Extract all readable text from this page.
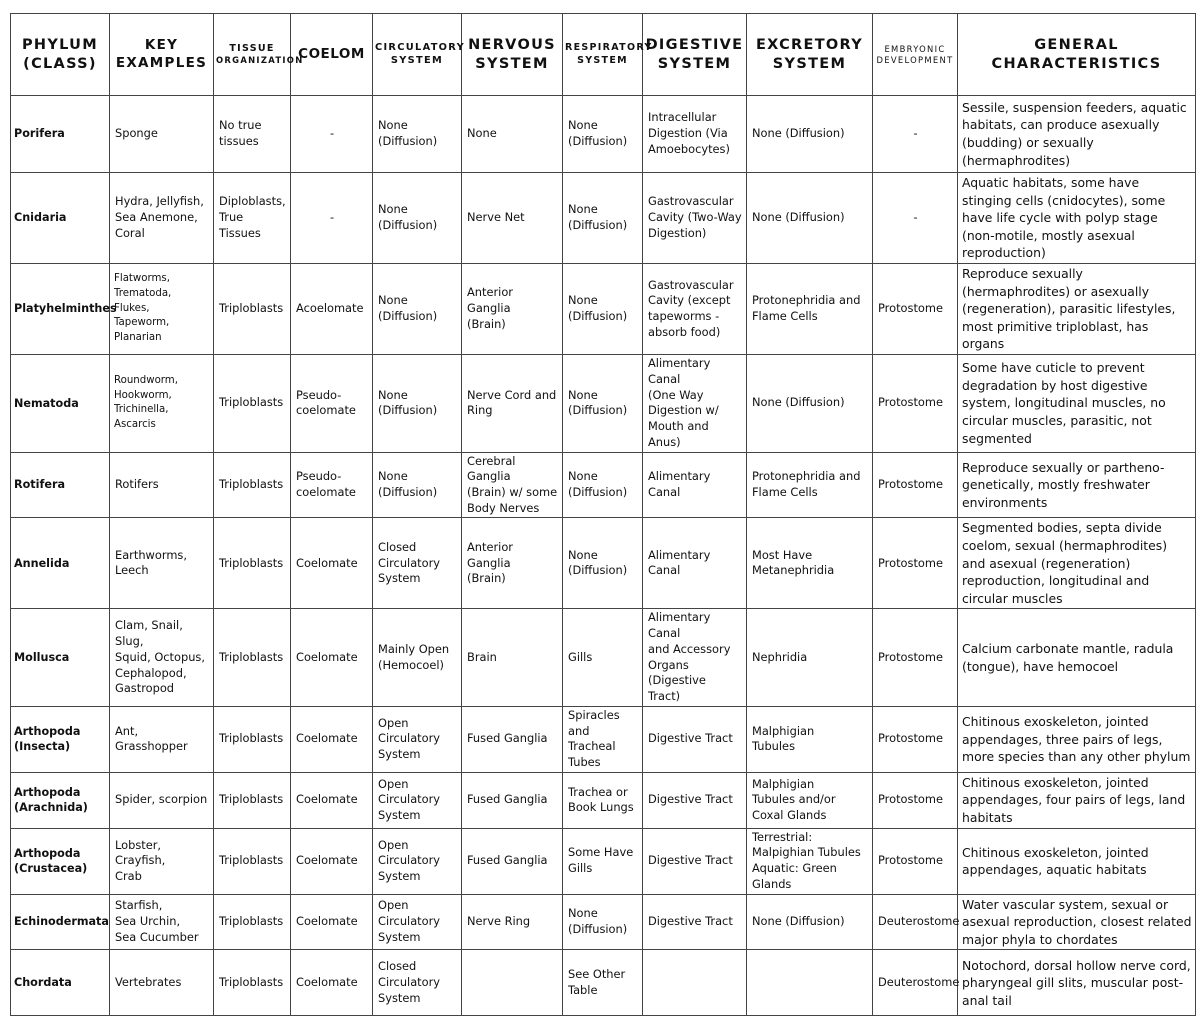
PHYLUM
(CLASS)	KEY
EXAMPLES	TISSUE
ORGANIZATION	COELOM	CIRCULATORY
SYSTEM	NERVOUS
SYSTEM	RESPIRATORY
SYSTEM	DIGESTIVE
SYSTEM	EXCRETORY
SYSTEM	EMBRYONIC
DEVELOPMENT	GENERAL
CHARACTERISTICS

Porifera	Sponge	No true
tissues	-	None
(Diffusion)	None	None
(Diffusion)	Intracellular
Digestion (Via
Amoebocytes)	None (Diffusion)	-	Sessile, suspension feeders, aquatic habitats, can produce asexually (budding) or sexually (hermaphrodites)

Cnidaria	Hydra, Jellyfish,
Sea Anemone,
Coral	Diploblasts,
True Tissues	-	None
(Diffusion)	Nerve Net	None
(Diffusion)	Gastrovascular
Cavity (Two-Way
Digestion)	None (Diffusion)	-	Aquatic habitats, some have stinging cells (cnidocytes), some have life cycle with polyp stage (non-motile, mostly asexual reproduction)

Platyhelminthes	Flatworms,
Trematoda,
Flukes,
Tapeworm,
Planarian	Triploblasts	Acoelomate	None
(Diffusion)	Anterior Ganglia
(Brain)	None
(Diffusion)	Gastrovascular
Cavity (except
tapeworms -
absorb food)	Protonephridia and
Flame Cells	Protostome	Reproduce sexually (hermaphrodites) or asexually (regeneration), parasitic lifestyles, most primitive triploblast, has organs

Nematoda	Roundworm,
Hookworm,
Trichinella,
Ascarcis	Triploblasts	Pseudo-
coelomate	None
(Diffusion)	Nerve Cord and
Ring	None
(Diffusion)	Alimentary Canal
(One Way
Digestion w/
Mouth and Anus)	None (Diffusion)	Protostome	Some have cuticle to prevent degradation by host digestive system, longitudinal muscles, no circular muscles, parasitic, not segmented

Rotifera	Rotifers	Triploblasts	Pseudo-
coelomate	None
(Diffusion)	Cerebral Ganglia
(Brain) w/ some
Body Nerves	None
(Diffusion)	Alimentary Canal	Protonephridia and
Flame Cells	Protostome	Reproduce sexually or partheno-
genetically, mostly freshwater
environments

Annelida	Earthworms,
Leech	Triploblasts	Coelomate	Closed
Circulatory
System	Anterior Ganglia
(Brain)	None
(Diffusion)	Alimentary Canal	Most Have
Metanephridia	Protostome	Segmented bodies, septa divide coelom, sexual (hermaphrodites) and asexual (regeneration) reproduction, longitudinal and circular muscles

Mollusca	Clam, Snail, Slug,
Squid, Octopus,
Cephalopod,
Gastropod	Triploblasts	Coelomate	Mainly Open
(Hemocoel)	Brain	Gills	Alimentary Canal
and Accessory
Organs (Digestive
Tract)	Nephridia	Protostome	Calcium carbonate mantle, radula (tongue), have hemocoel

Arthopoda
(Insecta)	Ant, Grasshopper	Triploblasts	Coelomate	Open
Circulatory
System	Fused Ganglia	Spiracles
and Tracheal
Tubes	Digestive Tract	Malphigian
Tubules	Protostome	Chitinous exoskeleton, jointed appendages, three pairs of legs, more species than any other phylum

Arthopoda
(Arachnida)	Spider, scorpion	Triploblasts	Coelomate	Open
Circulatory
System	Fused Ganglia	Trachea or
Book Lungs	Digestive Tract	Malphigian
Tubules and/or
Coxal Glands	Protostome	Chitinous exoskeleton, jointed appendages, four pairs of legs, land habitats

Arthopoda
(Crustacea)	Lobster, Crayfish,
Crab	Triploblasts	Coelomate	Open
Circulatory
System	Fused Ganglia	Some Have
Gills	Digestive Tract	Terrestrial:
Malpighian Tubules
Aquatic: Green Glands	Protostome	Chitinous exoskeleton, jointed appendages, aquatic habitats

Echinodermata	Starfish,
Sea Urchin,
Sea Cucumber	Triploblasts	Coelomate	Open
Circulatory
System	Nerve Ring	None
(Diffusion)	Digestive Tract	None (Diffusion)	Deuterostome	Water vascular system, sexual or asexual reproduction, closest related major phyla to chordates

Chordata	Vertebrates	Triploblasts	Coelomate	Closed
Circulatory
System		See Other
Table			Deuterostome	Notochord, dorsal hollow nerve cord, pharyngeal gill slits, muscular post-anal tail
